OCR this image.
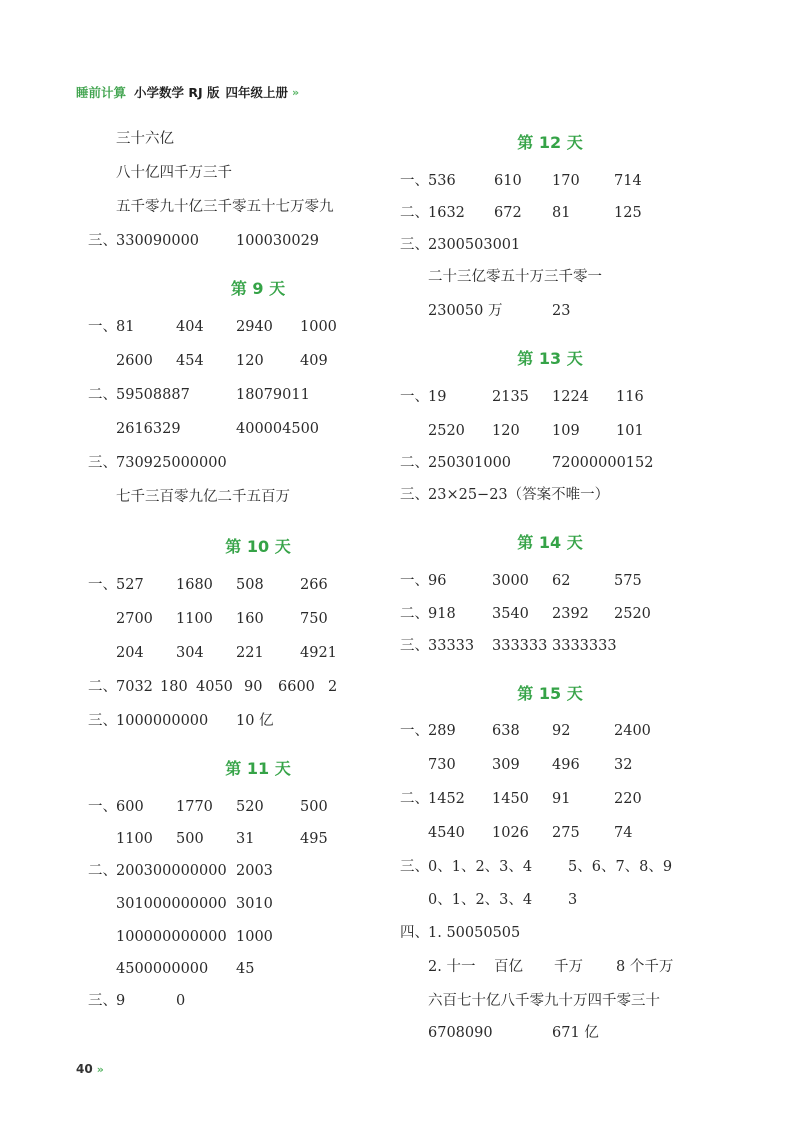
睡前计算 小学数学 RJ 版 四年级上册 »
三十六亿
八十亿四千万三千
五千零九十亿三千零五十七万零九
三、 330090000	100030029
第 9 天
一、 81	404 2940 1000
2600 454 120	409
二、 59508887	18079011
2616329	400004500
三、 730925000000
七千三百零九亿二千五百万
第 10 天
一、 527 1680 508	266
2700 1100 160	750
204 304 221	4921
二、 7032 180 4050 90 6600 2
三、 1000000000 10 亿
第 11 天
一、 600 1770 520	500
1100 500 31	495
二、 200300000000 2003
301000000000 3010
100000000000 1000
4500000000 45
三、 9	0
第 12 天
一、 536	610 170 714
二、 1632 672 81	125
三、 2300503001
二十三亿零五十万三千零一
230050 万	23
第 13 天
一、 19	2135 1224 116
2520 120 109	101
二、 250301000	72000000152
三、 23×25−23（答案不唯一）
第 14 天
一、 96	3000 62	575
二、 918	3540 2392 2520
三、 33333 333333 3333333
第 15 天
一、 289	638 92	2400
730	309 496 32
二、 1452 1450 91	220
4540 1026 275 74
三、 0、1、2、3、4 5、6、7、8、9
0、1、2、3、4 3
四、 1. 50050505
2. 十一 百亿 千万 8 个千万
六百七十亿八千零九十万四千零三十
6708090	671 亿
40 »
